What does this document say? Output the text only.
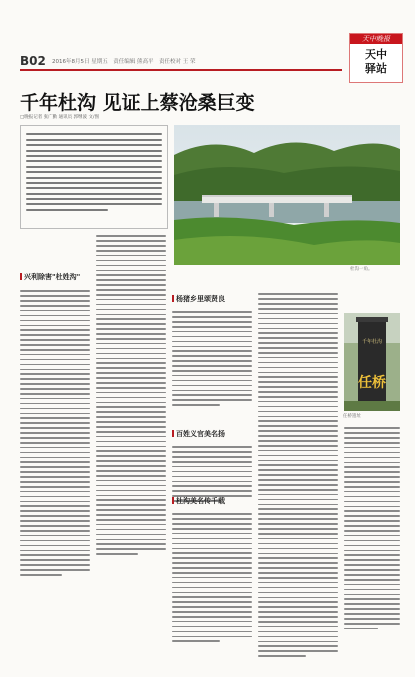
B02 2016年8月5日 星期五　责任编辑 熊高平　责任校对 王 荣
天中晚报
天中
驿站
千年杜沟 见证上蔡沧桑巨变
□晚报记者 张广勤 通讯员 郭继波 文/图
杜沟一角。
兴利除害"杜姓沟"
杨猪乡里颂贤良
百姓义官美名扬
杜沟美名传千载
千年杜沟
任桥
任桥遗址
